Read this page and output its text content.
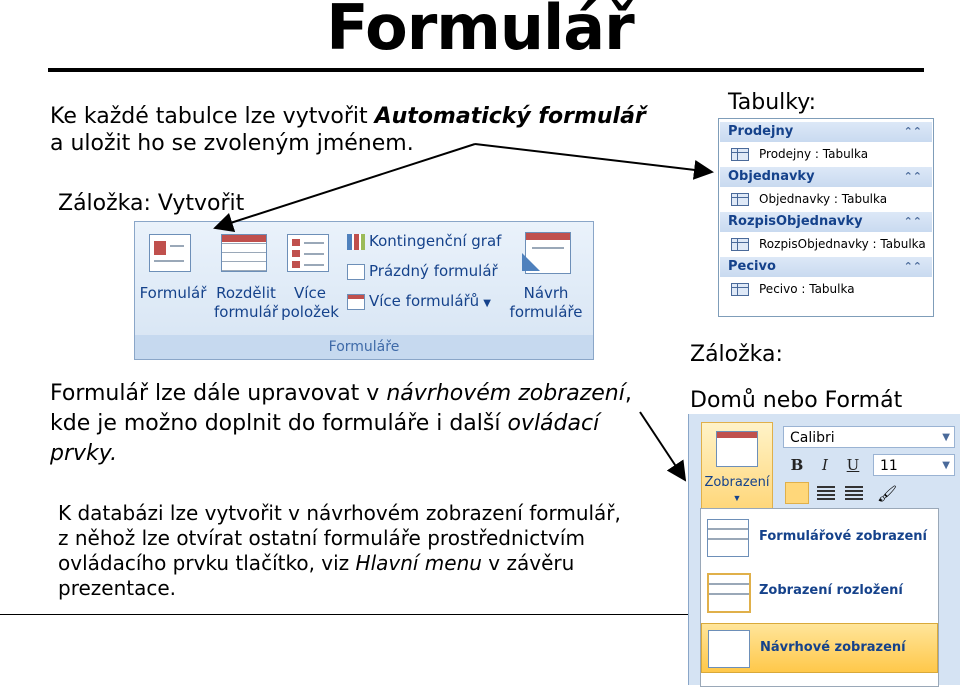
Formulář
Ke každé tabulce lze vytvořit Automatický formulář
a uložit ho se zvoleným jménem.
Záložka: Vytvořit
Formulář Rozdělit
formulář
Více
položek
Kontingenční graf
Prázdný formulář
Více formulářů ▼
Návrh
formuláře
Formuláře
Tabulky:
Prodejny	⌃⌃
Prodejny : Tabulka
Objednavky	⌃⌃
Objednavky : Tabulka
RozpisObjednavky	⌃⌃
RozpisObjednavky : Tabulka
Pecivo	⌃⌃
Pecivo : Tabulka
Formulář lze dále upravovat v návrhovém zobrazení,
kde je možno doplnit do formuláře i další ovládací
prvky.
Záložka:
Domů nebo Formát
K databázi lze vytvořit v návrhovém zobrazení formulář,
z něhož lze otvírat ostatní formuláře prostřednictvím
ovládacího prvku tlačítko, viz Hlavní menu v závěru
prezentace.
Zobrazení
▼
Calibri	▼
B	I	U	11	▼
🖌
Formulářové zobrazení
Zobrazení rozložení
Návrhové zobrazení
